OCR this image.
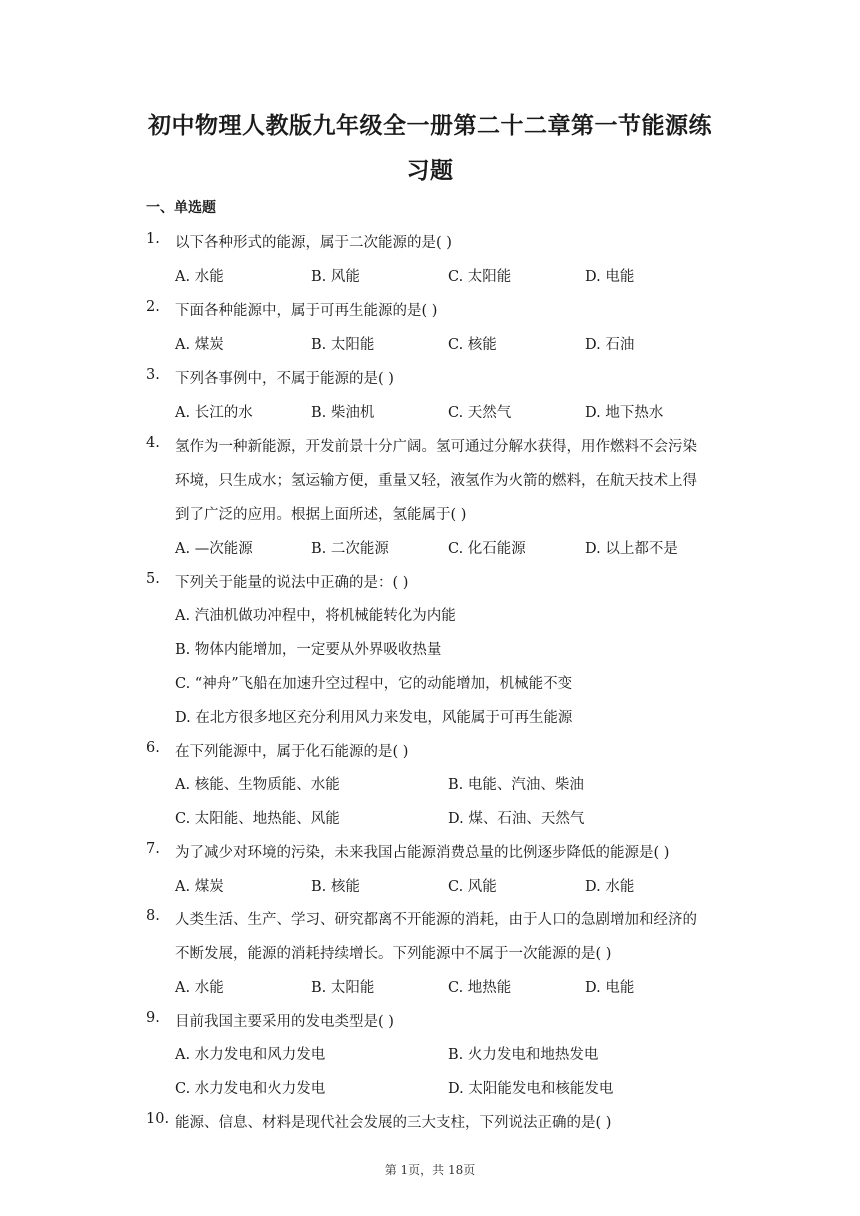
初中物理人教版九年级全一册第二十二章第一节能源练
习题
一、单选题
1. 以下各种形式的能源，属于二次能源的是( )
A. 水能	B. 风能	C. 太阳能	D. 电能
2. 下面各种能源中，属于可再生能源的是( )
A. 煤炭	B. 太阳能	C. 核能	D. 石油
3. 下列各事例中，不属于能源的是( )
A. 长江的水	B. 柴油机	C. 天然气	D. 地下热水
4. 氢作为一种新能源，开发前景十分广阔。氢可通过分解水获得，用作燃料不会污染
环境，只生成水；氢运输方便，重量又轻，液氢作为火箭的燃料，在航天技术上得
到了广泛的应用。根据上面所述，氢能属于( )
A. —次能源	B. 二次能源	C. 化石能源	D. 以上都不是
5. 下列关于能量的说法中正确的是：( )
A. 汽油机做功冲程中，将机械能转化为内能
B. 物体内能增加，一定要从外界吸收热量
C. “神舟”飞船在加速升空过程中，它的动能增加，机械能不变
D. 在北方很多地区充分利用风力来发电，风能属于可再生能源
6. 在下列能源中，属于化石能源的是( )
A. 核能、生物质能、水能	B. 电能、汽油、柴油
C. 太阳能、地热能、风能	D. 煤、石油、天然气
7. 为了减少对环境的污染，未来我国占能源消费总量的比例逐步降低的能源是( )
A. 煤炭	B. 核能	C. 风能	D. 水能
8. 人类生活、生产、学习、研究都离不开能源的消耗，由于人口的急剧增加和经济的
不断发展，能源的消耗持续增长。下列能源中不属于一次能源的是( )
A. 水能	B. 太阳能	C. 地热能	D. 电能
9. 目前我国主要采用的发电类型是( )
A. 水力发电和风力发电	B. 火力发电和地热发电
C. 水力发电和火力发电	D. 太阳能发电和核能发电
10. 能源、信息、材料是现代社会发展的三大支柱，下列说法正确的是( )
第 1页，共 18页
